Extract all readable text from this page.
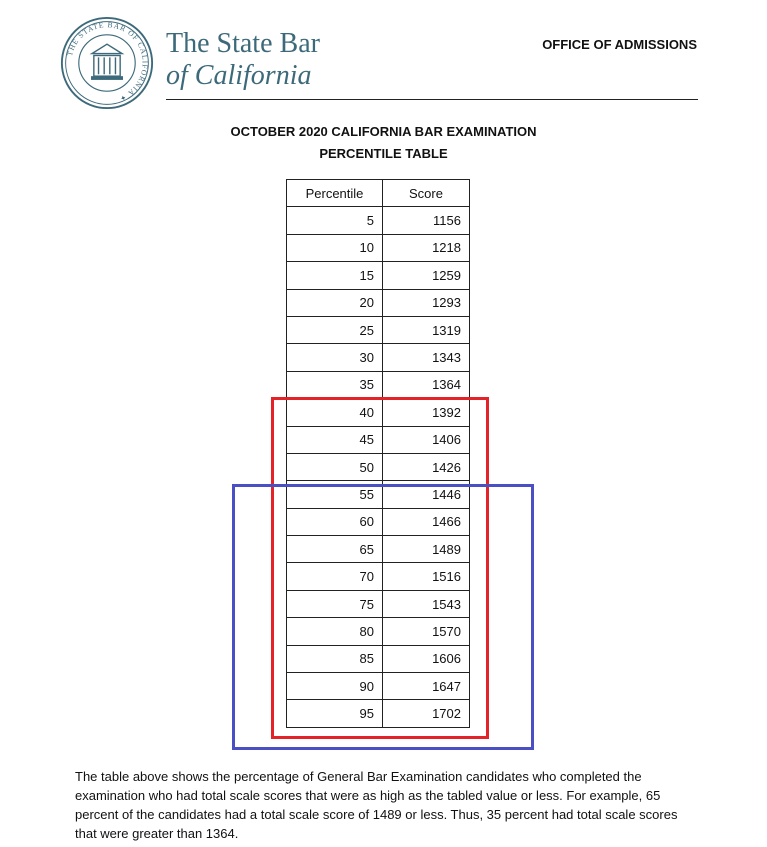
THE STATE BAR OF CALIFORNIA ✦
The State Bar
of California
OFFICE OF ADMISSIONS
OCTOBER 2020 CALIFORNIA BAR EXAMINATION
PERCENTILE TABLE
Percentile	Score
5	1156
10	1218
15	1259
20	1293
25	1319
30	1343
35	1364
40	1392
45	1406
50	1426
55	1446
60	1466
65	1489
70	1516
75	1543
80	1570
85	1606
90	1647
95	1702
The table above shows the percentage of General Bar Examination candidates who completed the examination who had total scale scores that were as high as the tabled value or less. For example, 65 percent of the candidates had a total scale score of 1489 or less. Thus, 35 percent had total scale scores that were greater than 1364.
